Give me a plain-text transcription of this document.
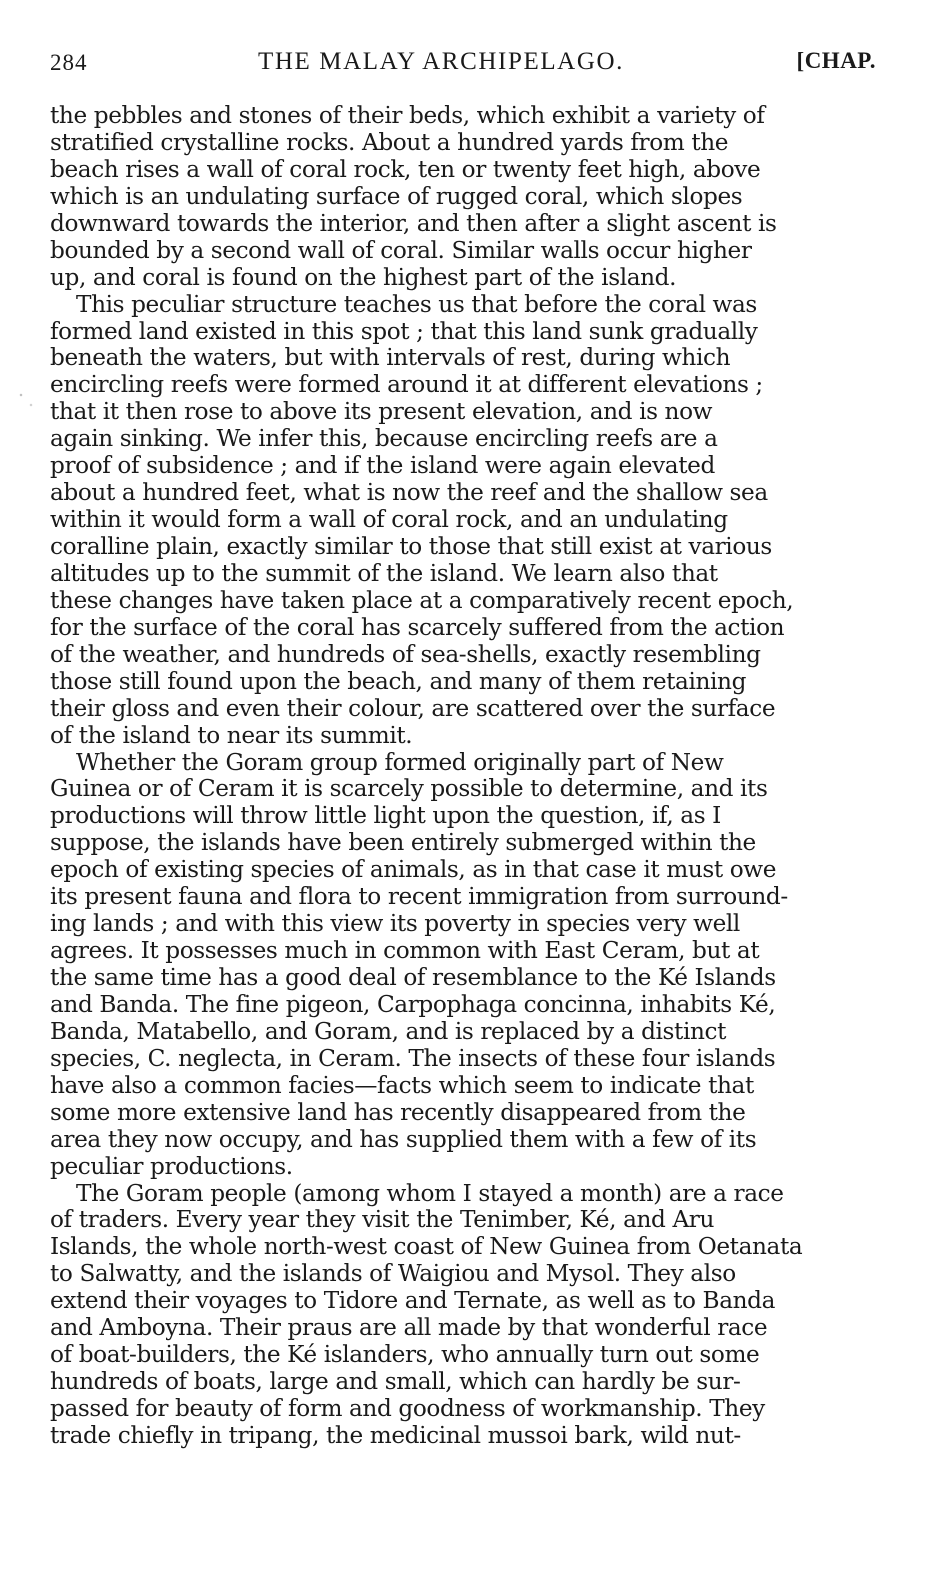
284	THE MALAY ARCHIPELAGO.	[CHAP.
the pebbles and stones of their beds, which exhibit a variety of
stratified crystalline rocks. About a hundred yards from the
beach rises a wall of coral rock, ten or twenty feet high, above
which is an undulating surface of rugged coral, which slopes
downward towards the interior, and then after a slight ascent is
bounded by a second wall of coral. Similar walls occur higher
up, and coral is found on the highest part of the island.
This peculiar structure teaches us that before the coral was
formed land existed in this spot ; that this land sunk gradually
beneath the waters, but with intervals of rest, during which
encircling reefs were formed around it at different elevations ;
that it then rose to above its present elevation, and is now
again sinking. We infer this, because encircling reefs are a
proof of subsidence ; and if the island were again elevated
about a hundred feet, what is now the reef and the shallow sea
within it would form a wall of coral rock, and an undulating
coralline plain, exactly similar to those that still exist at various
altitudes up to the summit of the island. We learn also that
these changes have taken place at a comparatively recent epoch,
for the surface of the coral has scarcely suffered from the action
of the weather, and hundreds of sea-shells, exactly resembling
those still found upon the beach, and many of them retaining
their gloss and even their colour, are scattered over the surface
of the island to near its summit.
Whether the Goram group formed originally part of New
Guinea or of Ceram it is scarcely possible to determine, and its
productions will throw little light upon the question, if, as I
suppose, the islands have been entirely submerged within the
epoch of existing species of animals, as in that case it must owe
its present fauna and flora to recent immigration from surround-
ing lands ; and with this view its poverty in species very well
agrees. It possesses much in common with East Ceram, but at
the same time has a good deal of resemblance to the Ké Islands
and Banda. The fine pigeon, Carpophaga concinna, inhabits Ké,
Banda, Matabello, and Goram, and is replaced by a distinct
species, C. neglecta, in Ceram. The insects of these four islands
have also a common facies—facts which seem to indicate that
some more extensive land has recently disappeared from the
area they now occupy, and has supplied them with a few of its
peculiar productions.
The Goram people (among whom I stayed a month) are a race
of traders. Every year they visit the Tenimber, Ké, and Aru
Islands, the whole north-west coast of New Guinea from Oetanata
to Salwatty, and the islands of Waigiou and Mysol. They also
extend their voyages to Tidore and Ternate, as well as to Banda
and Amboyna. Their praus are all made by that wonderful race
of boat-builders, the Ké islanders, who annually turn out some
hundreds of boats, large and small, which can hardly be sur-
passed for beauty of form and goodness of workmanship. They
trade chiefly in tripang, the medicinal mussoi bark, wild nut-
